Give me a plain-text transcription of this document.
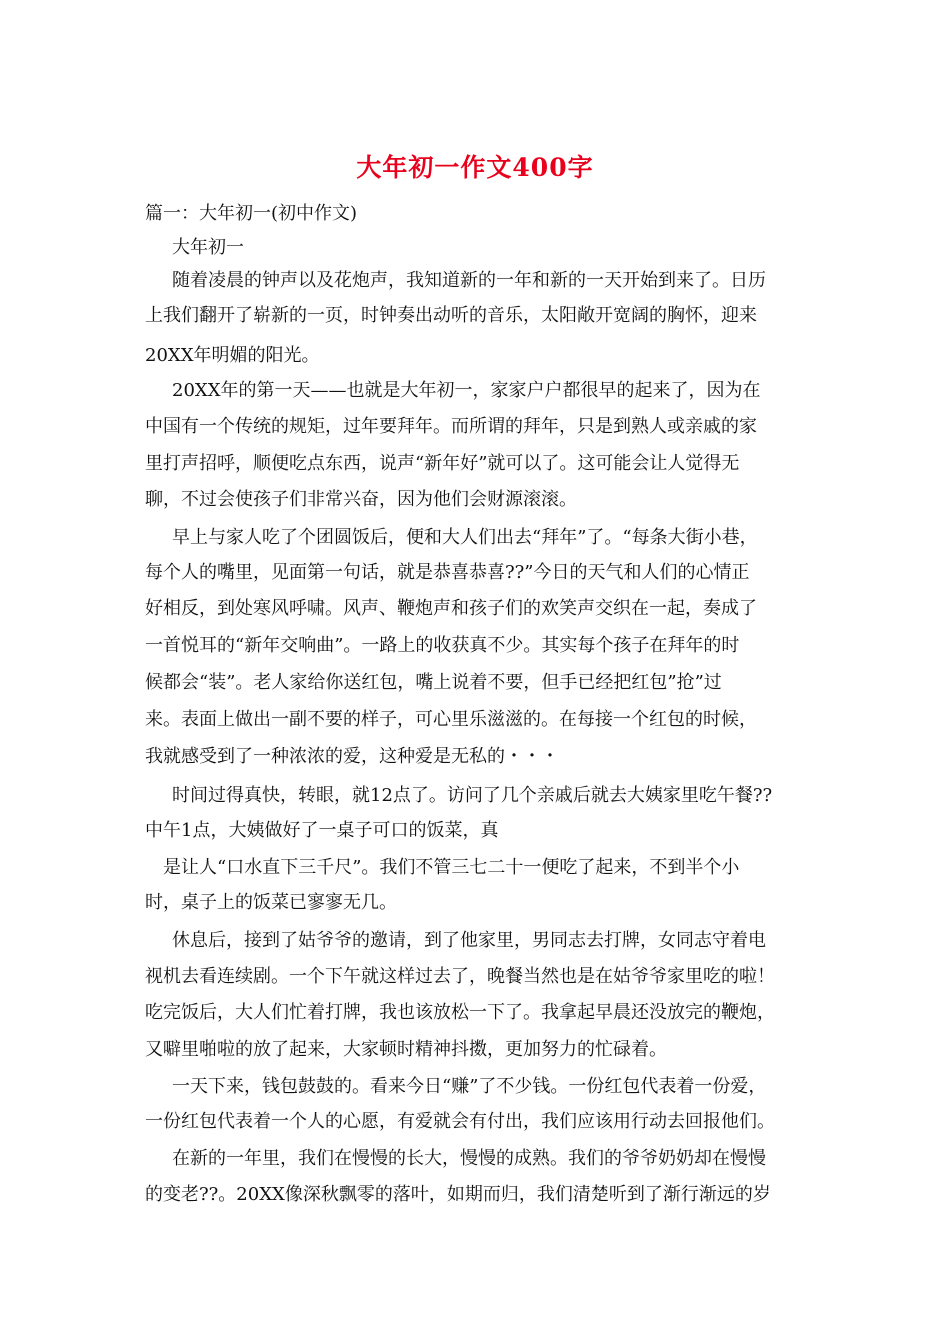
大年初一作文400字
篇一：大年初一(初中作文)
大年初一
随着凌晨的钟声以及花炮声，我知道新的一年和新的一天开始到来了。日历
上我们翻开了崭新的一页，时钟奏出动听的音乐，太阳敞开宽阔的胸怀，迎来
20XX年明媚的阳光。
20XX年的第一天——也就是大年初一，家家户户都很早的起来了，因为在
中国有一个传统的规矩，过年要拜年。而所谓的拜年，只是到熟人或亲戚的家
里打声招呼，顺便吃点东西，说声“新年好”就可以了。这可能会让人觉得无
聊，不过会使孩子们非常兴奋，因为他们会财源滚滚。
早上与家人吃了个团圆饭后，便和大人们出去“拜年”了。“每条大街小巷，
每个人的嘴里，见面第一句话，就是恭喜恭喜??”今日的天气和人们的心情正
好相反，到处寒风呼啸。风声、鞭炮声和孩子们的欢笑声交织在一起，奏成了
一首悦耳的“新年交响曲”。一路上的收获真不少。其实每个孩子在拜年的时
候都会“装”。老人家给你送红包，嘴上说着不要，但手已经把红包”抢”过
来。表面上做出一副不要的样子，可心里乐滋滋的。在每接一个红包的时候，
我就感受到了一种浓浓的爱，这种爱是无私的・・・
时间过得真快，转眼，就12点了。访问了几个亲戚后就去大姨家里吃午餐??
中午1点，大姨做好了一桌子可口的饭菜，真
是让人“口水直下三千尺”。我们不管三七二十一便吃了起来，不到半个小
时，桌子上的饭菜已寥寥无几。
休息后，接到了姑爷爷的邀请，到了他家里，男同志去打牌，女同志守着电
视机去看连续剧。一个下午就这样过去了，晚餐当然也是在姑爷爷家里吃的啦！
吃完饭后，大人们忙着打牌，我也该放松一下了。我拿起早晨还没放完的鞭炮，
又噼里啪啦的放了起来，大家顿时精神抖擞，更加努力的忙碌着。
一天下来，钱包鼓鼓的。看来今日“赚”了不少钱。一份红包代表着一份爱，
一份红包代表着一个人的心愿，有爱就会有付出，我们应该用行动去回报他们。
在新的一年里，我们在慢慢的长大，慢慢的成熟。我们的爷爷奶奶却在慢慢
的变老??。20XX像深秋飘零的落叶，如期而归，我们清楚听到了渐行渐远的岁
